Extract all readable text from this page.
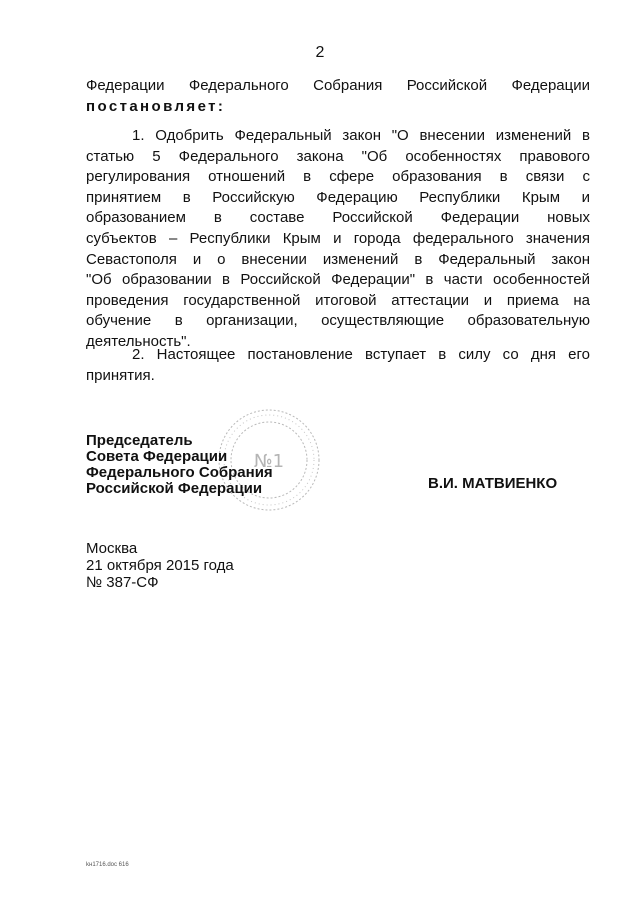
2
Федерации Федерального Собрания Российской Федерации
постановляет:
1. Одобрить Федеральный закон "О внесении изменений в
статью 5 Федерального закона "Об особенностях правового
регулирования отношений в сфере образования в связи с
принятием в Российскую Федерацию Республики Крым и
образованием в составе Российской Федерации новых
субъектов – Республики Крым и города федерального значения
Севастополя и о внесении изменений в Федеральный закон
"Об образовании в Российской Федерации" в части особенностей
проведения государственной итоговой аттестации и приема на
обучение в организации, осуществляющие образовательную
деятельность".
2. Настоящее постановление вступает в силу со дня его
принятия.
№1
Председатель
Совета Федерации
Федерального Собрания
Российской Федерации	В.И. МАТВИЕНКО
Москва
21 октября 2015 года
№ 387-СФ
kн1716.doc 616
